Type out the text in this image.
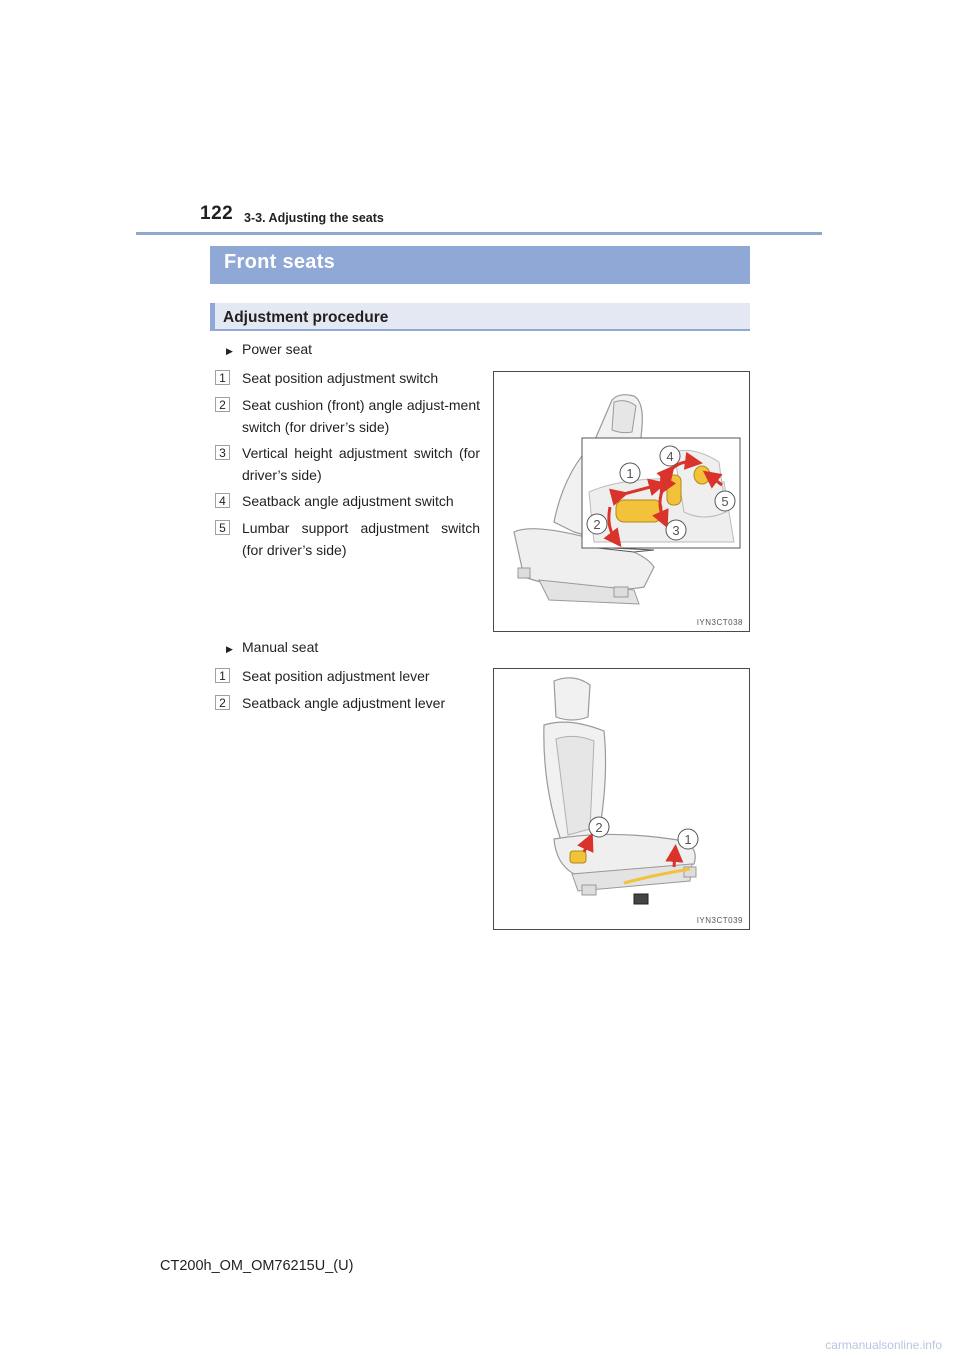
122 3-3. Adjusting the seats
Front seats
Adjustment procedure
▶ Power seat
1 Seat position adjustment switch
2 Seat cushion (front) angle adjust-ment switch (for driver’s side)
3 Vertical height adjustment switch (for driver’s side)
4 Seatback angle adjustment switch
5 Lumbar support adjustment switch (for driver’s side)
1
2	3
4
5
IYN3CT038
▶ Manual seat
1 Seat position adjustment lever
2 Seatback angle adjustment lever
2
1
IYN3CT039
CT200h_OM_OM76215U_(U)
carmanualsonline.info
